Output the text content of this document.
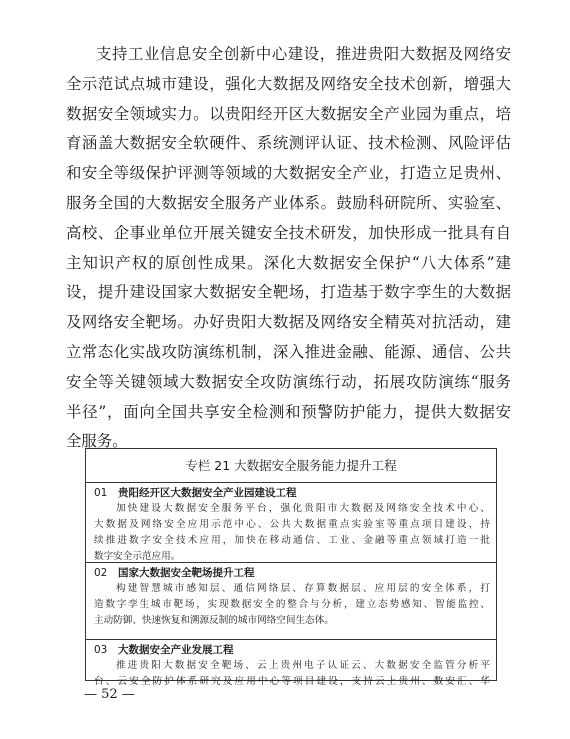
支持工业信息安全创新中心建设，推进贵阳大数据及网络安
全示范试点城市建设，强化大数据及网络安全技术创新，增强大
数据安全领域实力。以贵阳经开区大数据安全产业园为重点，培
育涵盖大数据安全软硬件、系统测评认证、技术检测、风险评估
和安全等级保护评测等领域的大数据安全产业，打造立足贵州、
服务全国的大数据安全服务产业体系。鼓励科研院所、实验室、
高校、企事业单位开展关键安全技术研发，加快形成一批具有自
主知识产权的原创性成果。深化大数据安全保护“八大体系”建
设，提升建设国家大数据安全靶场，打造基于数字孪生的大数据
及网络安全靶场。办好贵阳大数据及网络安全精英对抗活动，建
立常态化实战攻防演练机制，深入推进金融、能源、通信、公共
安全等关键领域大数据安全攻防演练行动，拓展攻防演练“服务
半径”，面向全国共享安全检测和预警防护能力，提供大数据安
全服务。
专栏 21 大数据安全服务能力提升工程
01 贵阳经开区大数据安全产业园建设工程
加快建设大数据安全服务平台，强化贵阳市大数据及网络安全技术中心、
大数据及网络安全应用示范中心、公共大数据重点实验室等重点项目建设，持
续推进数字安全技术应用，加快在移动通信、工业、金融等重点领域打造一批
数字安全示范应用。
02 国家大数据安全靶场提升工程
构建智慧城市感知层、通信网络层、存算数据层、应用层的安全体系，打
造数字孪生城市靶场，实现数据安全的整合与分析，建立态势感知、智能监控、
主动防御、快速恢复和溯源反制的城市网络空间生态体。
03 大数据安全产业发展工程
推进贵阳大数据安全靶场、云上贵州电子认证云、大数据安全监管分析平
台、云安全防护体系研究及应用中心等项目建设，支持云上贵州、数安汇、华
— 52 —
